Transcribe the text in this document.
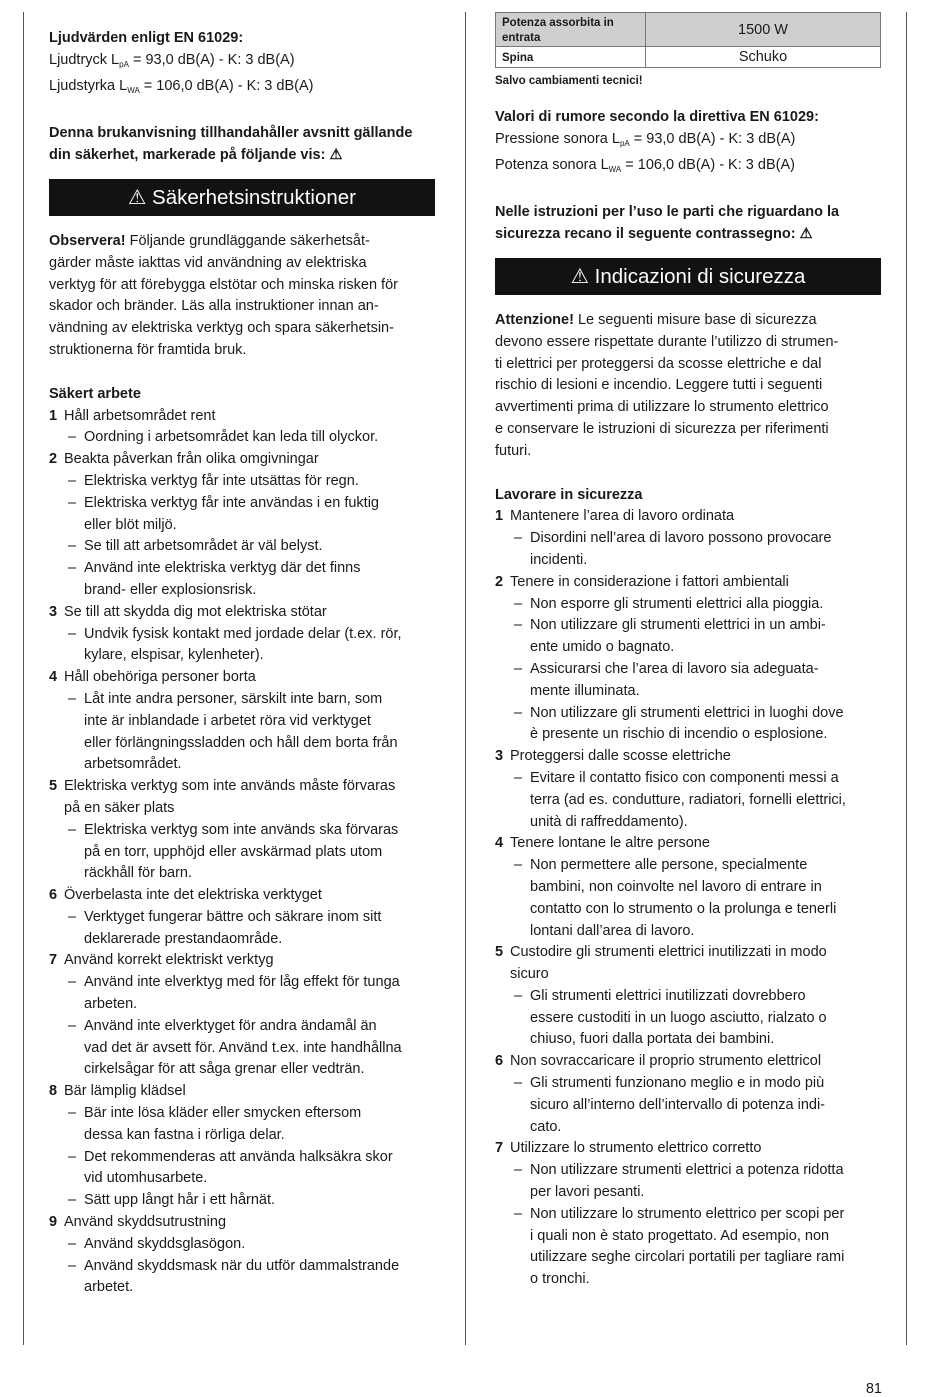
Ljudvärden enligt EN 61029:

Ljudtryck $L_{pA} = 93,0$ dB(A) - K: 3 dB(A)

Ljudstyrka $L_{WA} = 106,0$ dB(A) - K: 3 dB(A)

Denna brukanvisning tillhandahåller avsnitt gällande
din säkerhet, markerade på följande vis: ⚠

⚠ Säkerhetsinstruktioner
Observera! Följande grundläggande säkerhetsåt-
gärder måste iakttas vid användning av elektriska
verktyg för att förebygga elstötar och minska risken för
skador och bränder. Läs alla instruktioner innan an-
vändning av elektriska verktyg och spara säkerhetsin-
struktionerna för framtida bruk.

Säkert arbete

1 Håll arbetsområdet rent
– Oordning i arbetsområdet kan leda till olyckor.
2 Beakta påverkan från olika omgivningar
– Elektriska verktyg får inte utsättas för regn.
– Elektriska verktyg får inte användas i en fuktig
eller blöt miljö.
– Se till att arbetsområdet är väl belyst.
– Använd inte elektriska verktyg där det finns
brand- eller explosionsrisk.
3 Se till att skydda dig mot elektriska stötar
– Undvik fysisk kontakt med jordade delar (t.ex. rör,
kylare, elspisar, kylenheter).
4 Håll obehöriga personer borta
– Låt inte andra personer, särskilt inte barn, som
inte är inblandade i arbetet röra vid verktyget
eller förlängningssladden och håll dem borta från
arbetsområdet.
5 Elektriska verktyg som inte används måste förvaras
på en säker plats
– Elektriska verktyg som inte används ska förvaras
på en torr, upphöjd eller avskärmad plats utom
räckhåll för barn.
6 Överbelasta inte det elektriska verktyget
– Verktyget fungerar bättre och säkrare inom sitt
deklarerade prestandaområde.
7 Använd korrekt elektriskt verktyg
– Använd inte elverktyg med för låg effekt för tunga
arbeten.
– Använd inte elverktyget för andra ändamål än
vad det är avsett för. Använd t.ex. inte handhållna
cirkelsågar för att såga grenar eller vedträn.
8 Bär lämplig klädsel
– Bär inte lösa kläder eller smycken eftersom
dessa kan fastna i rörliga delar.
– Det rekommenderas att använda halksäkra skor
vid utomhusarbete.
– Sätt upp långt hår i ett hårnät.
9 Använd skyddsutrustning
– Använd skyddsglasögon.
– Använd skyddsmask när du utför dammalstrande
arbetet.
Potenza assorbita in entrata	1500 W
Spina	Schuko

Salvo cambiamenti tecnici!

Valori di rumore secondo la direttiva EN 61029:

Pressione sonora $L_{pA} = 93,0$ dB(A) - K: 3 dB(A)

Potenza sonora $L_{WA} = 106,0$ dB(A) - K: 3 dB(A)

Nelle istruzioni per l’uso le parti che riguardano la
sicurezza recano il seguente contrassegno: ⚠

⚠ Indicazioni di sicurezza
Attenzione! Le seguenti misure base di sicurezza
devono essere rispettate durante l’utilizzo di strumen-
ti elettrici per proteggersi da scosse elettriche e dal
rischio di lesioni e incendio. Leggere tutti i seguenti
avvertimenti prima di utilizzare lo strumento elettrico
e conservare le istruzioni di sicurezza per riferimenti
futuri.

Lavorare in sicurezza

1 Mantenere l’area di lavoro ordinata
– Disordini nell’area di lavoro possono provocare
incidenti.
2 Tenere in considerazione i fattori ambientali
– Non esporre gli strumenti elettrici alla pioggia.
– Non utilizzare gli strumenti elettrici in un ambi-
ente umido o bagnato.
– Assicurarsi che l’area di lavoro sia adeguata-
mente illuminata.
– Non utilizzare gli strumenti elettrici in luoghi dove
è presente un rischio di incendio o esplosione.
3 Proteggersi dalle scosse elettriche
– Evitare il contatto fisico con componenti messi a
terra (ad es. condutture, radiatori, fornelli elettrici,
unità di raffreddamento).
4 Tenere lontane le altre persone
– Non permettere alle persone, specialmente
bambini, non coinvolte nel lavoro di entrare in
contatto con lo strumento o la prolunga e tenerli
lontani dall’area di lavoro.
5 Custodire gli strumenti elettrici inutilizzati in modo
sicuro
– Gli strumenti elettrici inutilizzati dovrebbero
essere custoditi in un luogo asciutto, rialzato o
chiuso, fuori dalla portata dei bambini.
6 Non sovraccaricare il proprio strumento elettricol
– Gli strumenti funzionano meglio e in modo più
sicuro all’interno dell’intervallo di potenza indi-
cato.
7 Utilizzare lo strumento elettrico corretto
– Non utilizzare strumenti elettrici a potenza ridotta
per lavori pesanti.
– Non utilizzare lo strumento elettrico per scopi per
i quali non è stato progettato. Ad esempio, non
utilizzare seghe circolari portatili per tagliare rami
o tronchi.
81
